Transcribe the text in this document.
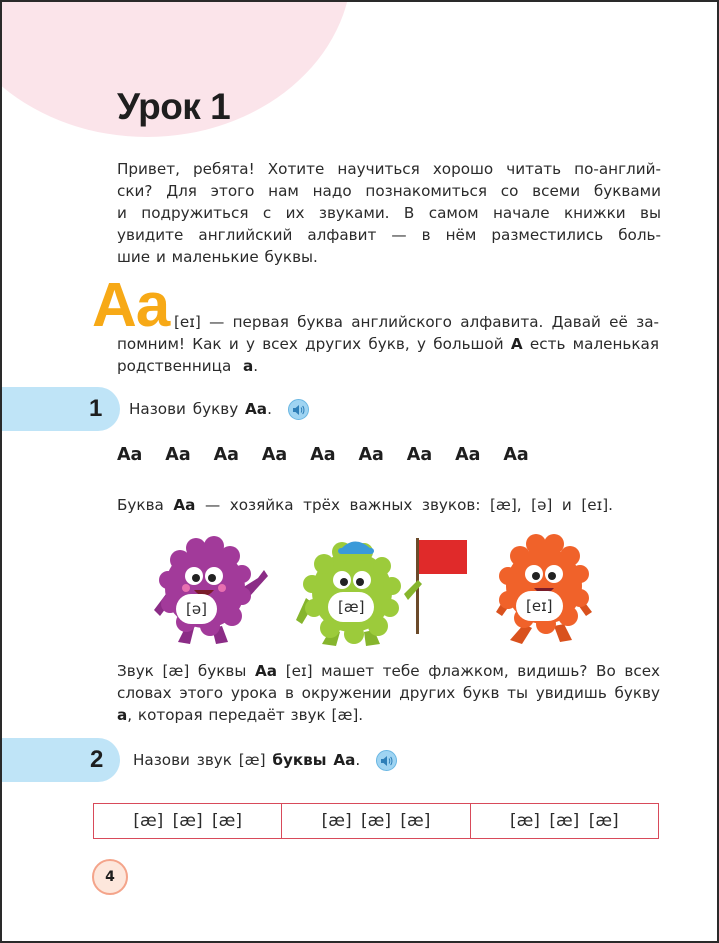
Урок 1
Привет, ребята! Хотите научиться хорошо читать по-англий-
ски? Для этого нам надо познакомиться со всеми буквами
и подружиться с их звуками. В самом начале книжки вы
увидите английский алфавит — в нём разместились боль-
шие и маленькие буквы.
Aa [eɪ] — первая буква английского алфавита. Давай её за-
помним! Как и у всех других букв, у большой A есть маленькая
родственница a.
1 Назови букву Aa.
Aa	Aa	Aa	Aa	Aa	Aa	Aa	Aa	Aa
Буква Aa — хозяйка трёх важных звуков: [æ], [ə] и [eɪ].
[ə]	[æ]	[eɪ]
Звук [æ] буквы Aa [eɪ] машет тебе флажком, видишь? Во всех
словах этого урока в окружении других букв ты увидишь букву
a, которая передаёт звук [æ].
2 Назови звук [æ] буквы Aa.
[æ] [æ] [æ]	[æ] [æ] [æ]	[æ] [æ] [æ]
4
